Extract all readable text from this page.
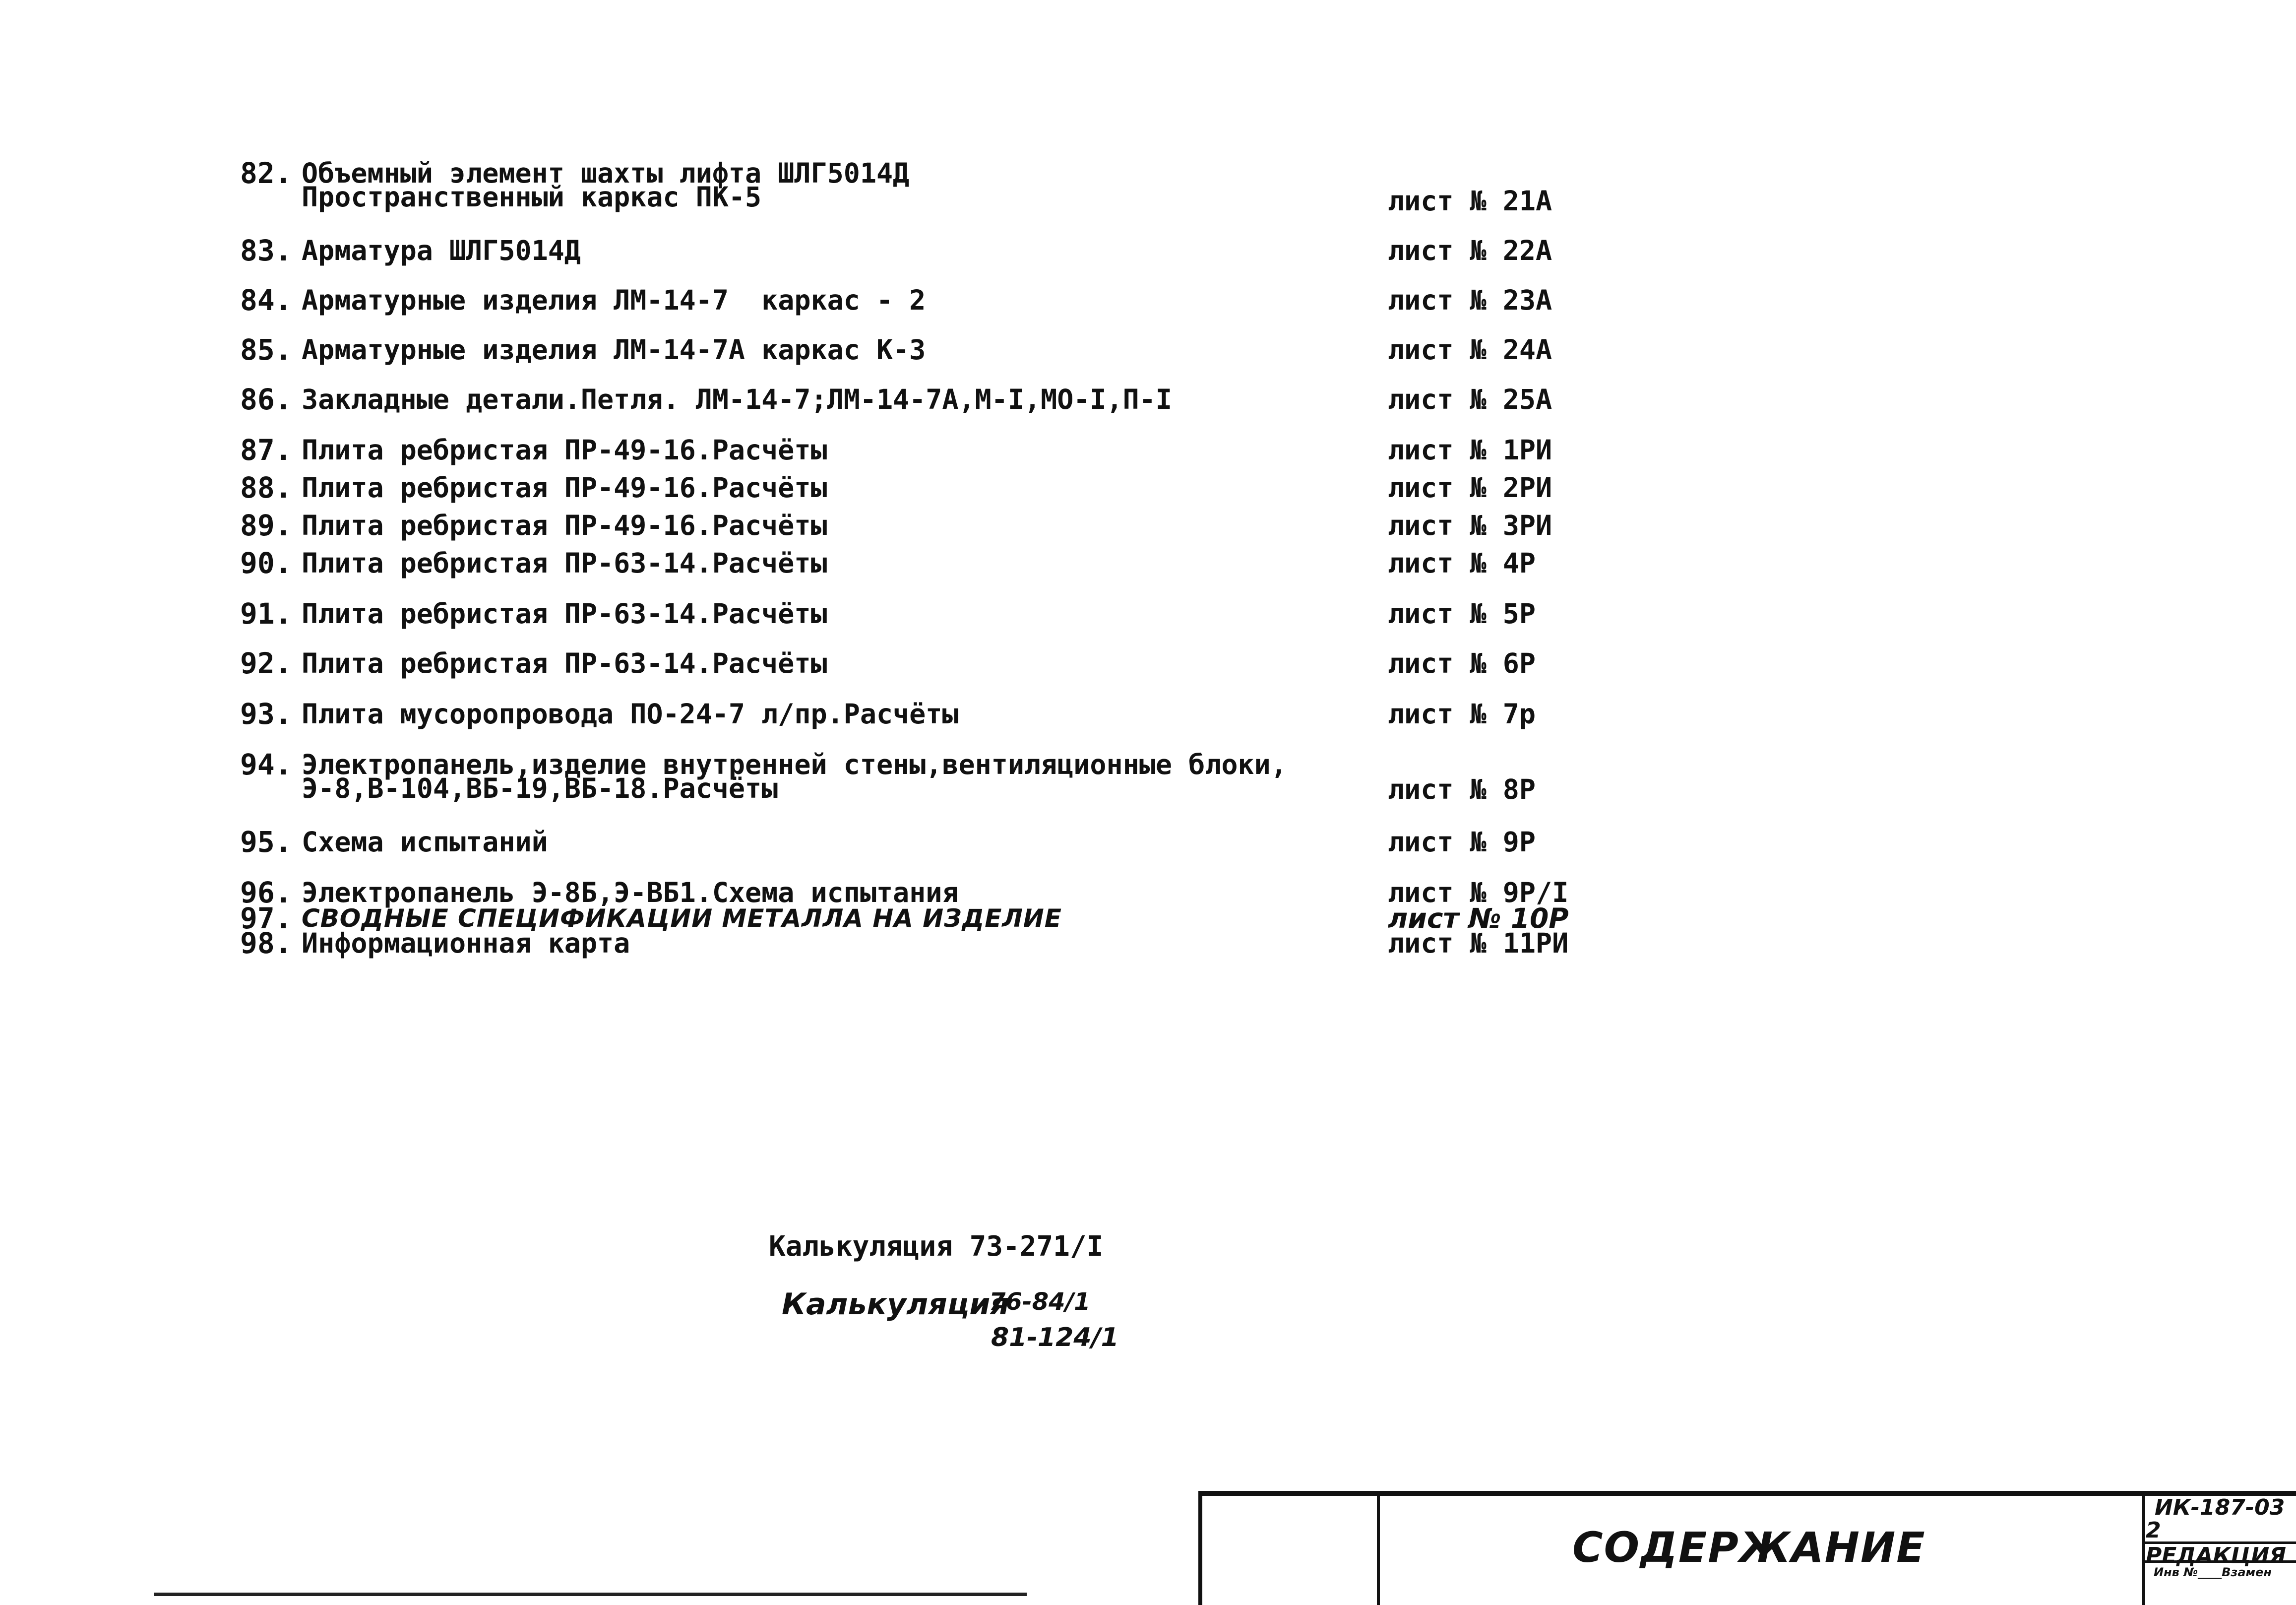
82. Объемный элемент шахты лифта ШЛГ5014Д
Пространственный каркас ПК-5	лист № 21А
83. Арматура ШЛГ5014Д	лист № 22А
84. Арматурные изделия ЛМ-14-7  каркас - 2	лист № 23А
85. Арматурные изделия ЛМ-14-7А каркас К-3	лист № 24А
86. Закладные детали.Петля. ЛМ-14-7;ЛМ-14-7А,М-I,МО-I,П-I	лист № 25А
87. Плита ребристая ПР-49-16.Расчёты	лист № 1РИ
88. Плита ребристая ПР-49-16.Расчёты	лист № 2РИ
89. Плита ребристая ПР-49-16.Расчёты	лист № 3РИ
90. Плита ребристая ПР-63-14.Расчёты	лист № 4Р
91. Плита ребристая ПР-63-14.Расчёты	лист № 5Р
92. Плита ребристая ПР-63-14.Расчёты	лист № 6Р
93. Плита мусоропровода ПО-24-7 л/пр.Расчёты	лист № 7р
94. Электропанель,изделие внутренней стены,вентиляционные блоки,
Э-8,В-104,ВБ-19,ВБ-18.Расчёты	лист № 8Р
95. Схема испытаний	лист № 9Р
96. Электропанель Э-8Б,Э-ВБ1.Схема испытания	лист № 9Р/I
97. СВОДНЫЕ СПЕЦИФИКАЦИИ МЕТАЛЛА НА ИЗДЕЛИЕ	лист № 10Р
98. Информационная карта	лист № 11РИ
Калькуляция 73-271/I
Калькуляция
76-84/1
81-124/1
СОДЕРЖАНИЕ
ИК-187-03
2 РЕДАКЦИЯ
Инв №____Взамен
